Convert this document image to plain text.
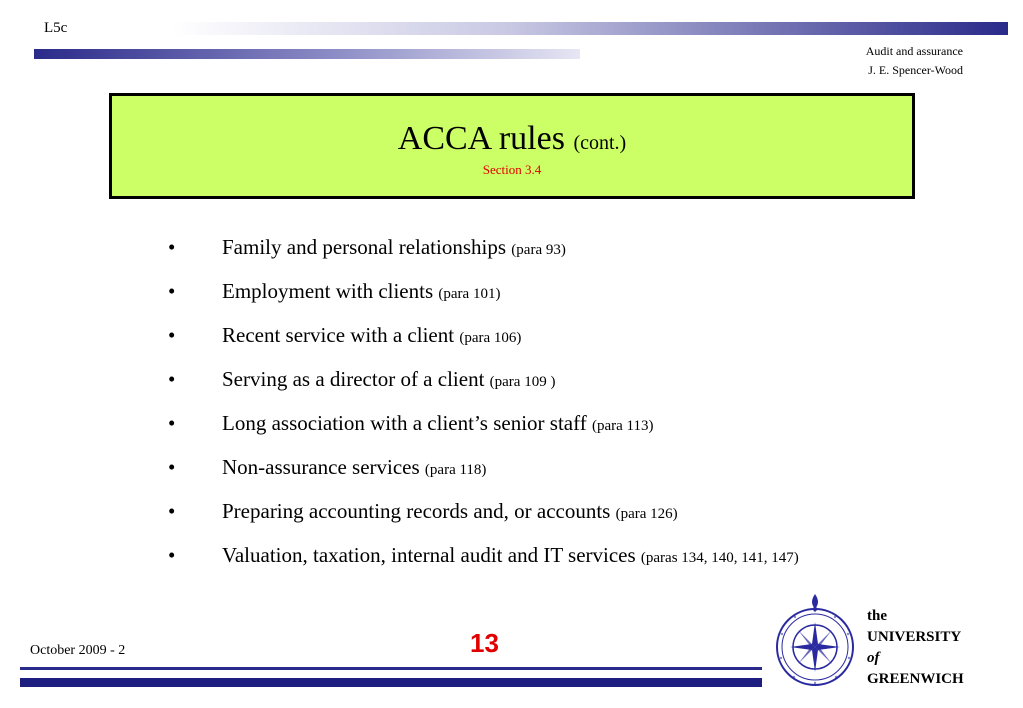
L5c
Audit and assurance
J. E. Spencer-Wood
ACCA rules (cont.)
Section 3.4
• Family and personal relationships (para 93)
• Employment with clients (para 101)
• Recent service with a client (para 106)
• Serving as a director of a client (para 109 )
• Long association with a client’s senior staff (para 113)
• Non-assurance services (para 118)
• Preparing accounting records and, or accounts (para 126)
• Valuation, taxation, internal audit and IT services (paras 134, 140, 141, 147)
October 2009 - 2	13
the
UNIVERSITY
of
GREENWICH
